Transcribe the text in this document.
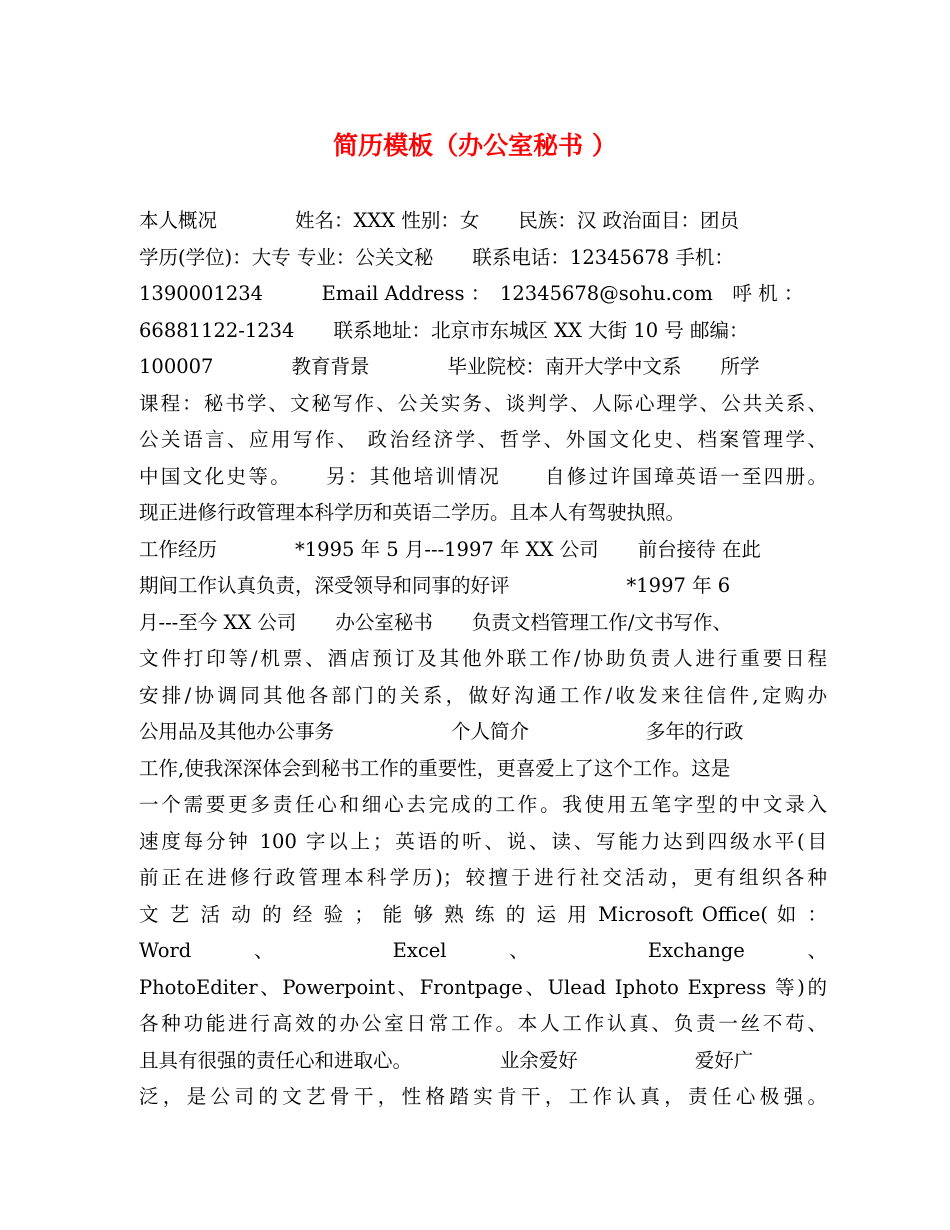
简历模板（办公室秘书 ）
本人概况　　　　姓名：XXX 性别：女　　民族：汉 政治面目：团员
学历(学位)：大专 专业：公关文秘　　联系电话：12345678 手机：
1390001234　　　Email Address ：　12345678@sohu.com　呼 机 ：
66881122-1234　　联系地址：北京市东城区 XX 大街 10 号 邮编：
100007　　　　教育背景　　　　毕业院校：南开大学中文系　　所学
课程：秘书学、文秘写作、公关实务、谈判学、人际心理学、公共关系、
公关语言、应用写作、 政治经济学、哲学、外国文化史、档案管理学、
中国文化史等。　　另：其他培训情况　　自修过许国璋英语一至四册。
现正进修行政管理本科学历和英语二学历。且本人有驾驶执照。
工作经历　　　　*1995 年 5 月---1997 年 XX 公司　　前台接待 在此
期间工作认真负责，深受领导和同事的好评　　　　　　*1997 年 6
月---至今 XX 公司　　办公室秘书　　负责文档管理工作/文书写作、
文件打印等/机票、酒店预订及其他外联工作/协助负责人进行重要日程
安排/协调同其他各部门的关系，做好沟通工作/收发来往信件,定购办
公用品及其他办公事务　　　　　　个人简介　　　　　　多年的行政
工作,使我深深体会到秘书工作的重要性，更喜爱上了这个工作。这是
一个需要更多责任心和细心去完成的工作。我使用五笔字型的中文录入
速度每分钟 100 字以上；英语的听、说、读、写能力达到四级水平(目
前正在进修行政管理本科学历)；较擅于进行社交活动，更有组织各种
文 艺 活 动 的 经 验 ； 能 够 熟 练 的 运 用 Microsoft Office( 如 ：
Word 、 Excel 、 Exchange 、
PhotoEditer、Powerpoint、Frontpage、Ulead Iphoto Express 等)的
各种功能进行高效的办公室日常工作。本人工作认真、负责一丝不苟、
且具有很强的责任心和进取心。　　　　　业余爱好　　　　　　爱好广
泛，是公司的文艺骨干，性格踏实肯干，工作认真，责任心极强。
